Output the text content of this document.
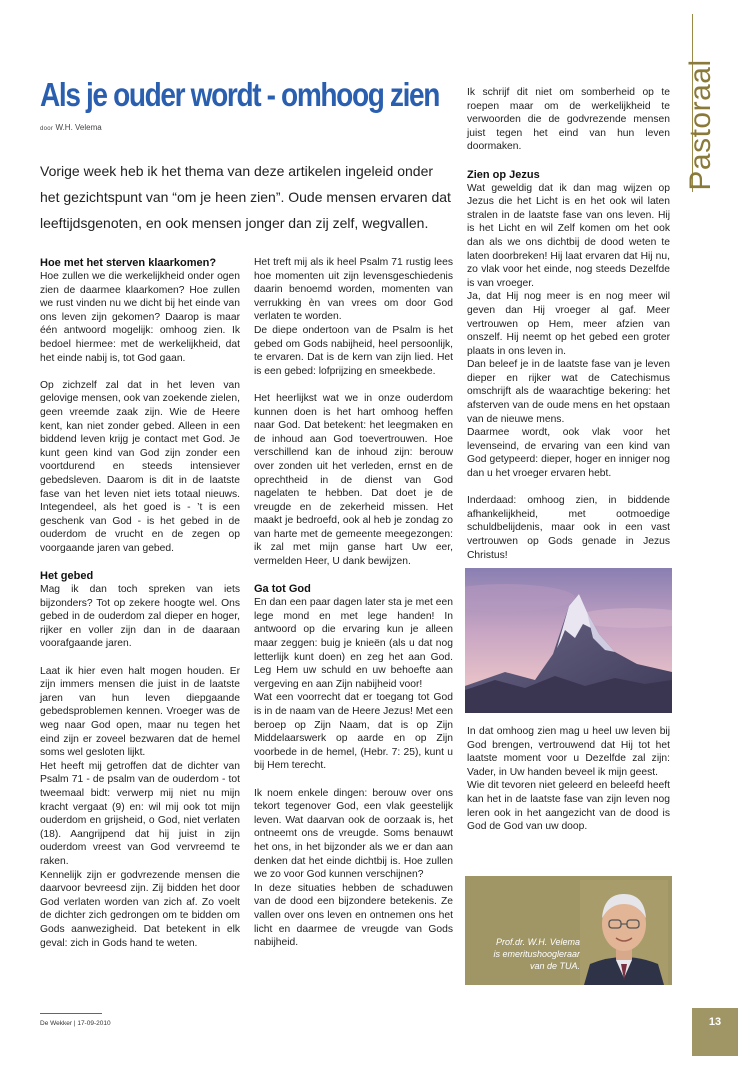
Pastoraal
Als je ouder wordt - omhoog zien
door W.H. Velema

Vorige week heb ik het thema van deze artikelen ingeleid onder het gezichtspunt van “om je heen zien”. Oude mensen ervaren dat leeftijdsgenoten, en ook mensen jonger dan zij zelf, wegvallen.

Hoe met het sterven klaarkomen?

Hoe zullen we die werkelijkheid onder ogen zien de daarmee klaarkomen? Hoe zullen we rust vinden nu we dicht bij het einde van ons leven zijn gekomen? Daarop is maar één antwoord mogelijk: omhoog zien. Ik bedoel hiermee: met de werkelijkheid, dat het einde nabij is, tot God gaan.

Op zichzelf zal dat in het leven van gelovige mensen, ook van zoekende zielen, geen vreemde zaak zijn. Wie de Heere kent, kan niet zonder gebed. Alleen in een biddend leven krijg je contact met God. Je kunt geen kind van God zijn zonder een voortdurend en steeds intensiever gebedsleven. Daarom is dit in de laatste fase van het leven niet iets totaal nieuws. Integendeel, als het goed is - ’t is een geschenk van God - is het gebed in de ouderdom de vrucht en de zegen op voorgaande jaren van gebed.

Het gebed

Mag ik dan toch spreken van iets bijzonders? Tot op zekere hoogte wel. Ons gebed in de ouderdom zal dieper en hoger, rijker en voller zijn dan in de daaraan voorafgaande jaren.

Laat ik hier even halt mogen houden. Er zijn immers mensen die juist in de laatste jaren van hun leven diepgaande gebedsproblemen kennen. Vroeger was de weg naar God open, maar nu tegen het eind zijn er zoveel bezwaren dat de hemel soms wel gesloten lijkt.

Het heeft mij getroffen dat de dichter van Psalm 71 - de psalm van de ouderdom - tot tweemaal bidt: verwerp mij niet nu mijn kracht vergaat (9) en: wil mij ook tot mijn ouderdom en grijsheid, o God, niet verlaten (18). Aangrijpend dat hij juist in zijn ouderdom vreest van God vervreemd te raken.

Kennelijk zijn er godvrezende mensen die daarvoor bevreesd zijn. Zij bidden het door God verlaten worden van zich af. Zo voelt de dichter zich gedrongen om te bidden om Gods aanwezigheid. Dat betekent in elk geval: zich in Gods hand te weten.

Het treft mij als ik heel Psalm 71 rustig lees hoe momenten uit zijn levensgeschiedenis daarin benoemd worden, momenten van verrukking èn van vrees om door God verlaten te worden.

De diepe ondertoon van de Psalm is het gebed om Gods nabijheid, heel persoonlijk, te ervaren. Dat is de kern van zijn lied. Het is een gebed: lofprijzing en smeekbede.

Het heerlijkst wat we in onze ouderdom kunnen doen is het hart omhoog heffen naar God. Dat betekent: het leegmaken en de inhoud aan God toevertrouwen. Hoe verschillend kan de inhoud zijn: berouw over zonden uit het verleden, ernst en de oprechtheid in de dienst van God nagelaten te hebben. Dat doet je de vreugde en de zekerheid missen. Het maakt je bedroefd, ook al heb je zondag zo van harte met de gemeente meegezongen: ik zal met mijn ganse hart Uw eer, vermelden Heer, U dank bewijzen.

Ga tot God

En dan een paar dagen later sta je met een lege mond en met lege handen! In antwoord op die ervaring kun je alleen maar zeggen: buig je knieën (als u dat nog letterlijk kunt doen) en zeg het aan God. Leg Hem uw schuld en uw behoefte aan vergeving en aan Zijn nabijheid voor!

Wat een voorrecht dat er toegang tot God is in de naam van de Heere Jezus! Met een beroep op Zijn Naam, dat is op Zijn Middelaarswerk op aarde en op Zijn voorbede in de hemel, (Hebr. 7: 25), kunt u bij Hem terecht.

Ik noem enkele dingen: berouw over ons tekort tegenover God, een vlak geestelijk leven. Wat daarvan ook de oorzaak is, het ontneemt ons de vreugde. Soms benauwt het ons, in het bijzonder als we er dan aan denken dat het einde dichtbij is. Hoe zullen we zo voor God kunnen verschijnen?

In deze situaties hebben de schaduwen van de dood een bijzondere betekenis. Ze vallen over ons leven en ontnemen ons het licht en daarmee de vreugde van Gods nabijheid.

Ik schrijf dit niet om somberheid op te roepen maar om de werkelijkheid te verwoorden die de godvrezende mensen juist tegen het eind van hun leven doormaken.

Zien op Jezus

Wat geweldig dat ik dan mag wijzen op Jezus die het Licht is en het ook wil laten stralen in de laatste fase van ons leven. Hij is het Licht en wil Zelf komen om het ook dan als we ons dichtbij de dood weten te laten doorbreken! Hij laat ervaren dat Hij nu, zo vlak voor het einde, nog steeds Dezelfde is van vroeger.

Ja, dat Hij nog meer is en nog meer wil geven dan Hij vroeger al gaf. Meer vertrouwen op Hem, meer afzien van onszelf. Hij neemt op het gebed een groter plaats in ons leven in.

Dan beleef je in de laatste fase van je leven dieper en rijker wat de Catechismus omschrijft als de waarachtige bekering: het afsterven van de oude mens en het opstaan van de nieuwe mens.

Daarmee wordt, ook vlak voor het levenseind, de ervaring van een kind van God getypeerd: dieper, hoger en inniger nog dan u het vroeger ervaren hebt.

Inderdaad: omhoog zien, in biddende afhankelijkheid, met ootmoedige schuldbelijdenis, maar ook in een vast vertrouwen op Gods genade in Jezus Christus!

In dat omhoog zien mag u heel uw leven bij God brengen, vertrouwend dat Hij tot het laatste moment voor u Dezelfde zal zijn: Vader, in Uw handen beveel ik mijn geest.

Wie dit tevoren niet geleerd en beleefd heeft kan het in de laatste fase van zijn leven nog leren ook in het aangezicht van de dood is God de God van uw doop.

Prof.dr. W.H. Velema
is emeritushoogleraar
van de TUA.
De Wekker | 17-09-2010	13
